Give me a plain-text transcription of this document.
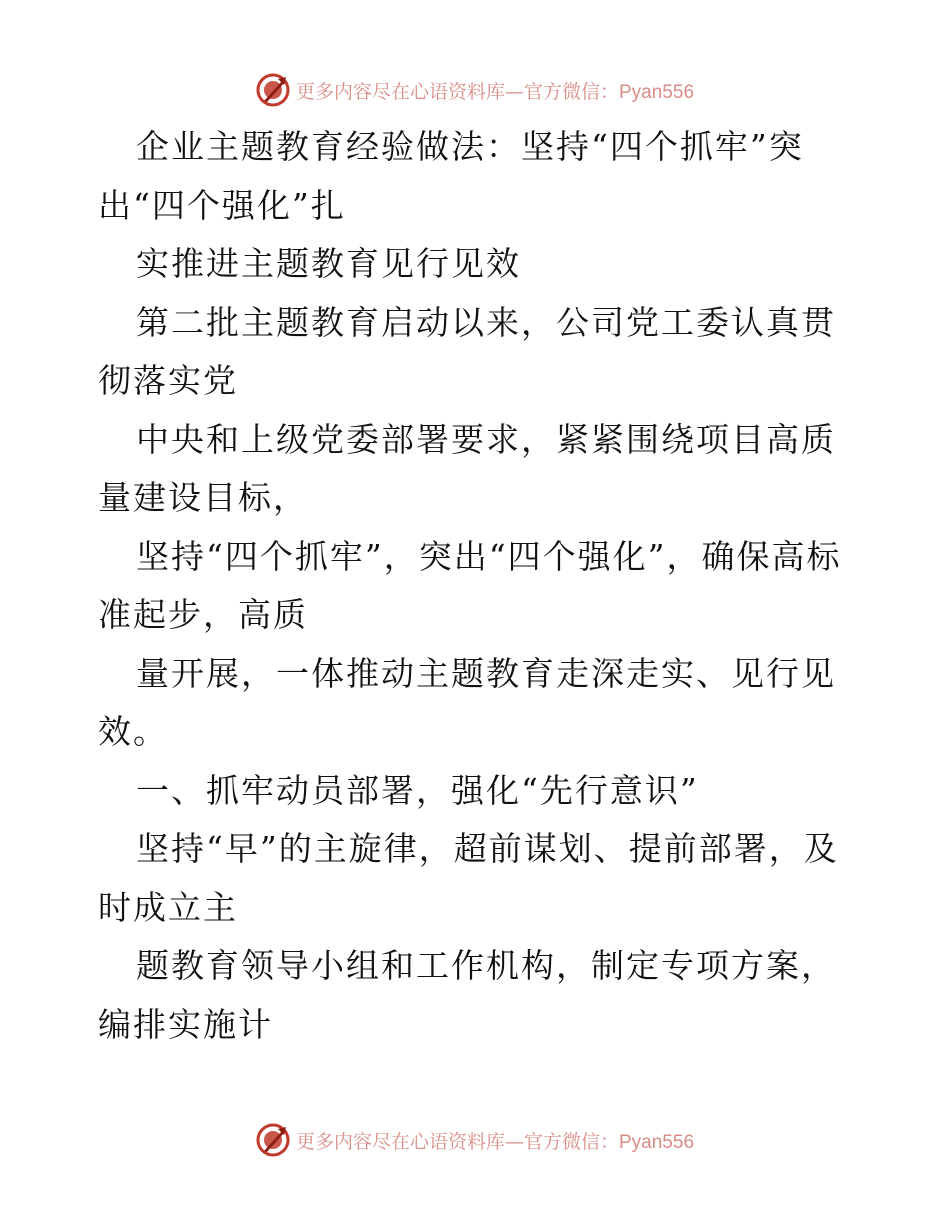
更多内容尽在心语资料库—官方微信：Pyan556

企业主题教育经验做法：坚持“四个抓牢”突出“四个强化”扎

实推进主题教育见行见效

第二批主题教育启动以来，公司党工委认真贯彻落实党

中央和上级党委部署要求，紧紧围绕项目高质量建设目标，

坚持“四个抓牢”，突出“四个强化”，确保高标准起步，高质

量开展，一体推动主题教育走深走实、见行见效。

一、抓牢动员部署，强化“先行意识”

坚持“早”的主旋律，超前谋划、提前部署，及时成立主

题教育领导小组和工作机构，制定专项方案，编排实施计

更多内容尽在心语资料库—官方微信：Pyan556
